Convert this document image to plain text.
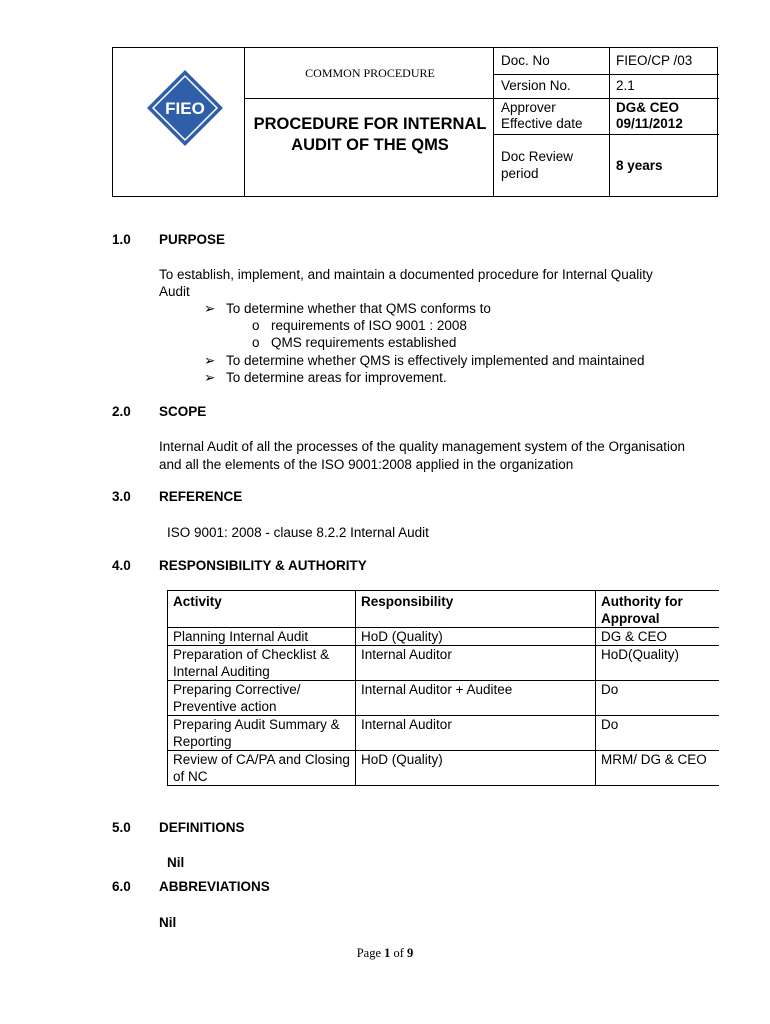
FIEO
COMMON PROCEDURE
PROCEDURE FOR INTERNAL AUDIT OF THE QMS
Doc. No	FIEO/CP /03
Version No.	2.1
Approver	DG& CEO
Effective date 09/11/2012
Doc Review
period
8 years
1.0 PURPOSE
To establish, implement, and maintain a documented procedure for Internal Quality
Audit
➢ To determine whether that QMS conforms to
o requirements of ISO 9001 : 2008
o QMS requirements established
➢ To determine whether QMS is effectively implemented and maintained
➢ To determine areas for improvement.
2.0 SCOPE
Internal Audit of all the processes of the quality management system of the Organisation
and all the elements of the ISO 9001:2008 applied in the organization
3.0 REFERENCE
ISO 9001: 2008 - clause 8.2.2 Internal Audit
4.0 RESPONSIBILITY & AUTHORITY
Activity	Responsibility	Authority for
Approval
Planning Internal Audit	HoD (Quality)	DG & CEO
Preparation of Checklist &
Internal Auditing
Internal Auditor	HoD(Quality)
Preparing Corrective/
Preventive action
Internal Auditor + Auditee	Do
Preparing Audit Summary &
Reporting
Internal Auditor	Do
Review of CA/PA and Closing
of NC
HoD (Quality)	MRM/ DG & CEO
5.0 DEFINITIONS
Nil
6.0 ABBREVIATIONS
Nil
Page 1 of 9
